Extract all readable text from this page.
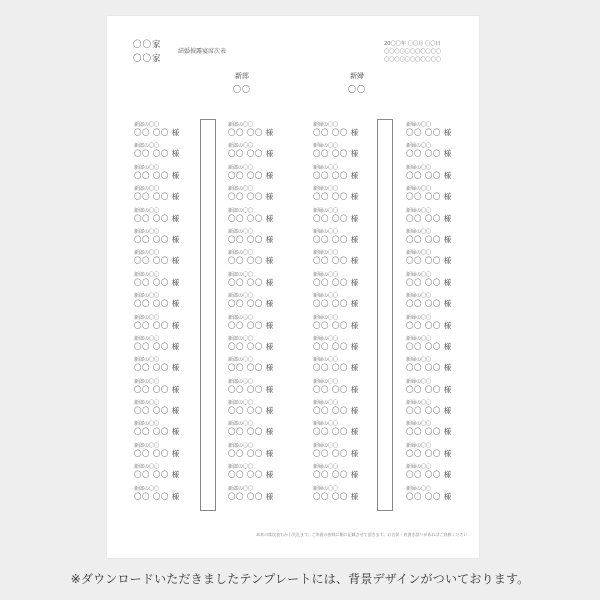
〇〇家
〇〇家
結婚披露宴席次表
20〇〇年 〇〇月 〇〇日
〇〇〇〇〇〇〇〇〇〇〇
〇〇〇〇〇〇〇〇〇〇〇
新郎
〇〇
新婦
〇〇
新郎の〇〇
〇〇 〇〇 様
新郎の〇〇
〇〇 〇〇 様
新郎の〇〇
〇〇 〇〇 様
新郎の〇〇
〇〇 〇〇 様
新郎の〇〇
〇〇 〇〇 様
新郎の〇〇
〇〇 〇〇 様
新郎の〇〇
〇〇 〇〇 様
新郎の〇〇
〇〇 〇〇 様
新郎の〇〇
〇〇 〇〇 様
新郎の〇〇
〇〇 〇〇 様
新郎の〇〇
〇〇 〇〇 様
新郎の〇〇
〇〇 〇〇 様
新郎の〇〇
〇〇 〇〇 様
新郎の〇〇
〇〇 〇〇 様
新郎の〇〇
〇〇 〇〇 様
新郎の〇〇
〇〇 〇〇 様
新郎の〇〇
〇〇 〇〇 様
新郎の〇〇
〇〇 〇〇 様
新郎の〇〇
〇〇 〇〇 様
新郎の〇〇
〇〇 〇〇 様
新郎の〇〇
〇〇 〇〇 様
新郎の〇〇
〇〇 〇〇 様
新郎の〇〇
〇〇 〇〇 様
新郎の〇〇
〇〇 〇〇 様
新郎の〇〇
〇〇 〇〇 様
新郎の〇〇
〇〇 〇〇 様
新郎の〇〇
〇〇 〇〇 様
新郎の〇〇
〇〇 〇〇 様
新郎の〇〇
〇〇 〇〇 様
新郎の〇〇
〇〇 〇〇 様
新郎の〇〇
〇〇 〇〇 様
新郎の〇〇
〇〇 〇〇 様
新郎の〇〇
〇〇 〇〇 様
新郎の〇〇
〇〇 〇〇 様
新郎の〇〇
〇〇 〇〇 様
新郎の〇〇
〇〇 〇〇 様
新婦の〇〇
〇〇 〇〇 様
新婦の〇〇
〇〇 〇〇 様
新婦の〇〇
〇〇 〇〇 様
新婦の〇〇
〇〇 〇〇 様
新婦の〇〇
〇〇 〇〇 様
新婦の〇〇
〇〇 〇〇 様
新婦の〇〇
〇〇 〇〇 様
新婦の〇〇
〇〇 〇〇 様
新婦の〇〇
〇〇 〇〇 様
新婦の〇〇
〇〇 〇〇 様
新婦の〇〇
〇〇 〇〇 様
新婦の〇〇
〇〇 〇〇 様
新婦の〇〇
〇〇 〇〇 様
新婦の〇〇
〇〇 〇〇 様
新婦の〇〇
〇〇 〇〇 様
新婦の〇〇
〇〇 〇〇 様
新婦の〇〇
〇〇 〇〇 様
新婦の〇〇
〇〇 〇〇 様
新婦の〇〇
〇〇 〇〇 様
新婦の〇〇
〇〇 〇〇 様
新婦の〇〇
〇〇 〇〇 様
新婦の〇〇
〇〇 〇〇 様
新婦の〇〇
〇〇 〇〇 様
新婦の〇〇
〇〇 〇〇 様
新婦の〇〇
〇〇 〇〇 様
新婦の〇〇
〇〇 〇〇 様
新婦の〇〇
〇〇 〇〇 様
新婦の〇〇
〇〇 〇〇 様
新婦の〇〇
〇〇 〇〇 様
新婦の〇〇
〇〇 〇〇 様
新婦の〇〇
〇〇 〇〇 様
新婦の〇〇
〇〇 〇〇 様
新婦の〇〇
〇〇 〇〇 様
新婦の〇〇
〇〇 〇〇 様
新婦の〇〇
〇〇 〇〇 様
新婦の〇〇
〇〇 〇〇 様
本来の席次表ちから失礼ます。ご来賓の皆様に順に記載させて頂きます。お名前・肩書き誤りがあればご容赦ください
※ダウンロードいただきましたテンプレートには、背景デザインがついております。
